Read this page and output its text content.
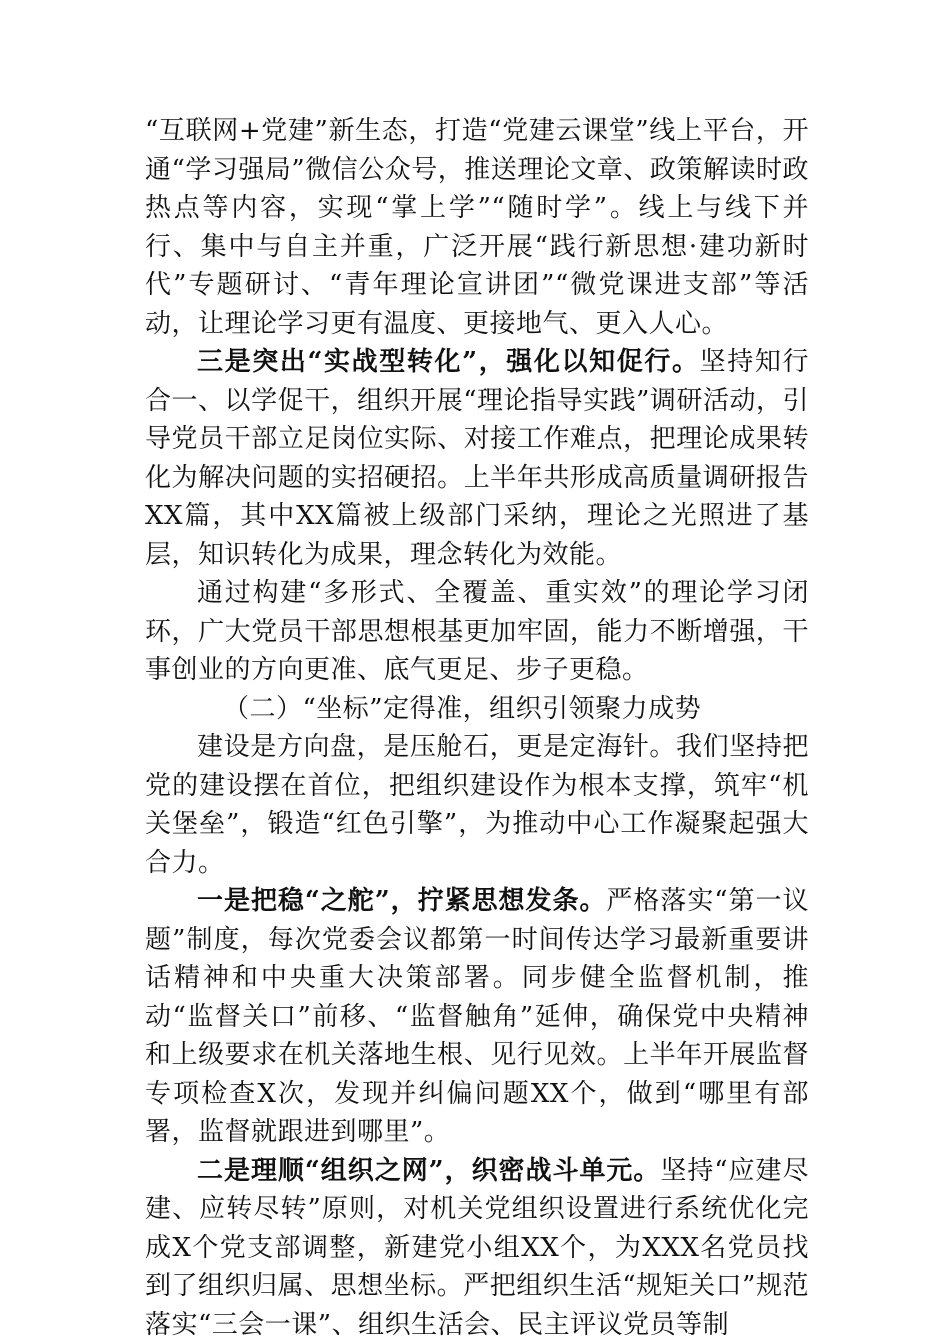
“互联网+党建”新生态，打造“党建云课堂”线上平台，开通“学习强局”微信公众号，推送理论文章、政策解读时政热点等内容，实现“掌上学”“随时学”。线上与线下并行、集中与自主并重，广泛开展“践行新思想·建功新时代”专题研讨、“青年理论宣讲团”“微党课进支部”等活动，让理论学习更有温度、更接地气、更入人心。

三是突出“实战型转化”，强化以知促行。坚持知行合一、以学促干，组织开展“理论指导实践”调研活动，引导党员干部立足岗位实际、对接工作难点，把理论成果转化为解决问题的实招硬招。上半年共形成高质量调研报告XX篇，其中XX篇被上级部门采纳，理论之光照进了基层，知识转化为成果，理念转化为效能。

通过构建“多形式、全覆盖、重实效”的理论学习闭环，广大党员干部思想根基更加牢固，能力不断增强，干事创业的方向更准、底气更足、步子更稳。

（二）“坐标”定得准，组织引领聚力成势

建设是方向盘，是压舱石，更是定海针。我们坚持把党的建设摆在首位，把组织建设作为根本支撑，筑牢“机关堡垒”，锻造“红色引擎”，为推动中心工作凝聚起强大合力。

一是把稳“之舵”，拧紧思想发条。严格落实“第一议题”制度，每次党委会议都第一时间传达学习最新重要讲话精神和中央重大决策部署。同步健全监督机制，推动“监督关口”前移、“监督触角”延伸，确保党中央精神和上级要求在机关落地生根、见行见效。上半年开展监督专项检查X次，发现并纠偏问题XX个，做到“哪里有部署，监督就跟进到哪里”。

二是理顺“组织之网”，织密战斗单元。坚持“应建尽建、应转尽转”原则，对机关党组织设置进行系统优化完成X个党支部调整，新建党小组XX个，为XXX名党员找到了组织归属、思想坐标。严把组织生活“规矩关口”规范落实“三会一课”、组织生活会、民主评议党员等制
